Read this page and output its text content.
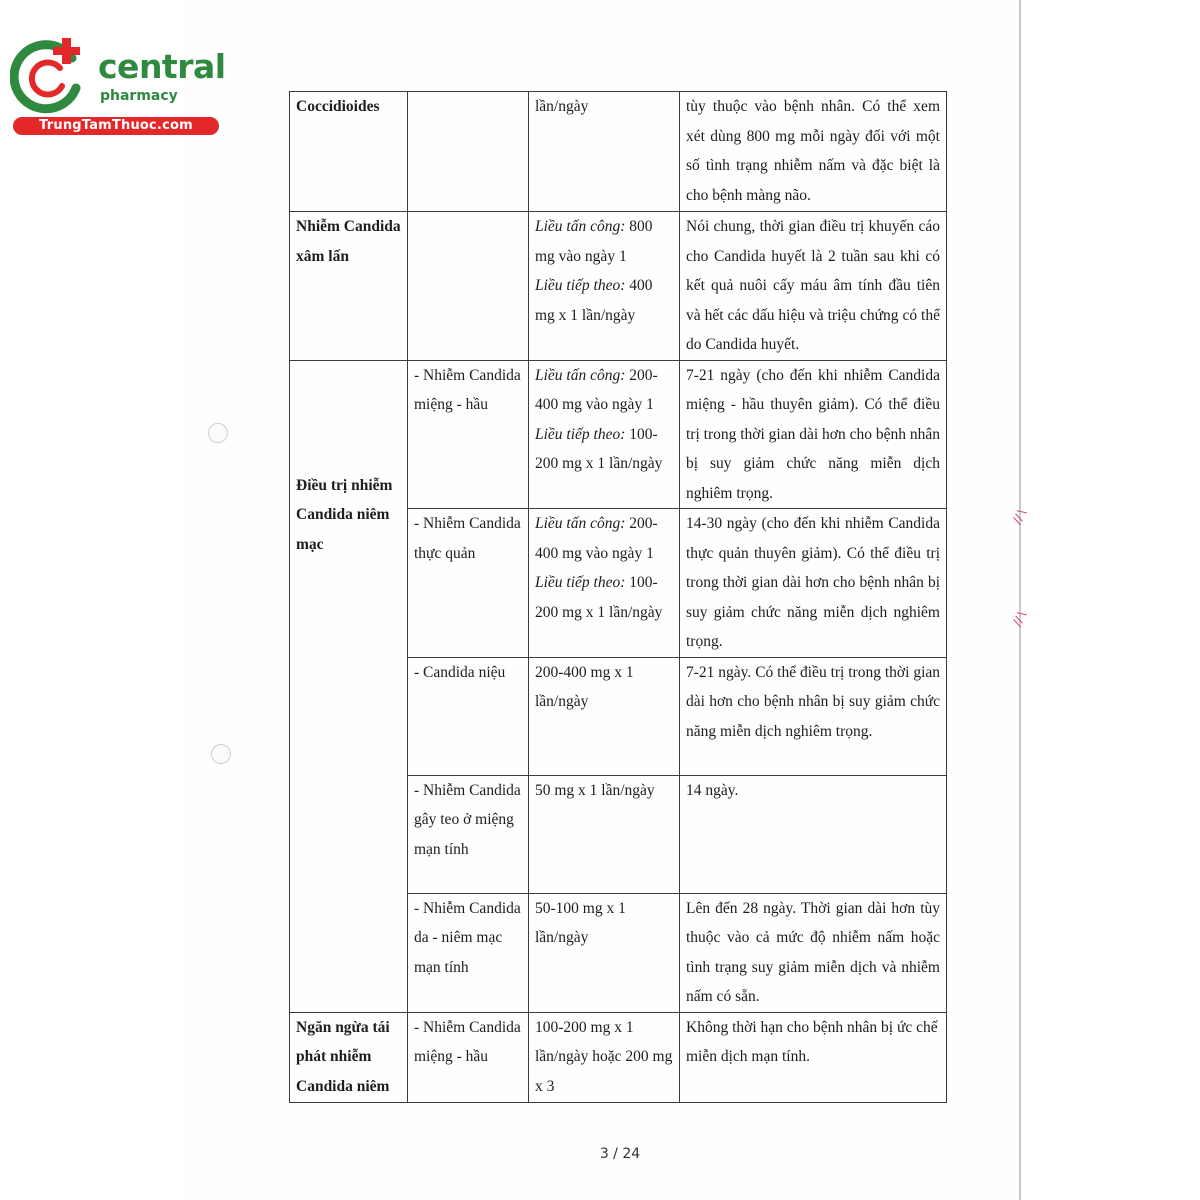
∕∕∖
∕∕∖
central
pharmacy
TrungTamThuoc.com
Coccidioides		lần/ngày	tùy thuộc vào bệnh nhân. Có thể xem xét dùng 800 mg mỗi ngày đối với một số tình trạng nhiễm nấm và đặc biệt là cho bệnh màng não.
Nhiễm Candida xâm lấn		Liều tấn công: 800 mg vào ngày 1
Liều tiếp theo: 400 mg x 1 lần/ngày	Nói chung, thời gian điều trị khuyến cáo cho Candida huyết là 2 tuần sau khi có kết quả nuôi cấy máu âm tính đầu tiên và hết các dấu hiệu và triệu chứng có thể do Candida huyết.
Điều trị nhiễm Candida niêm mạc	- Nhiễm Candida miệng - hầu	Liều tấn công: 200-400 mg vào ngày 1
Liều tiếp theo: 100-200 mg x 1 lần/ngày	7-21 ngày (cho đến khi nhiễm Candida miệng - hầu thuyên giảm). Có thể điều trị trong thời gian dài hơn cho bệnh nhân bị suy giảm chức năng miễn dịch nghiêm trọng.
	- Nhiễm Candida thực quản	Liều tấn công: 200-400 mg vào ngày 1
Liều tiếp theo: 100-200 mg x 1 lần/ngày	14-30 ngày (cho đến khi nhiễm Candida thực quản thuyên giảm). Có thể điều trị trong thời gian dài hơn cho bệnh nhân bị suy giảm chức năng miễn dịch nghiêm trọng.
	- Candida niệu	200-400 mg x 1 lần/ngày	7-21 ngày. Có thể điều trị trong thời gian dài hơn cho bệnh nhân bị suy giảm chức năng miễn dịch nghiêm trọng.
	- Nhiễm Candida gây teo ở miệng mạn tính	50 mg x 1 lần/ngày	14 ngày.
	- Nhiễm Candida da - niêm mạc mạn tính	50-100 mg x 1 lần/ngày	Lên đến 28 ngày. Thời gian dài hơn tùy thuộc vào cả mức độ nhiễm nấm hoặc tình trạng suy giảm miễn dịch và nhiễm nấm có sẵn.
Ngăn ngừa tái phát nhiễm Candida niêm	- Nhiễm Candida miệng - hầu	100-200 mg x 1 lần/ngày hoặc 200 mg x 3	Không thời hạn cho bệnh nhân bị ức chế miễn dịch mạn tính.
3 / 24
